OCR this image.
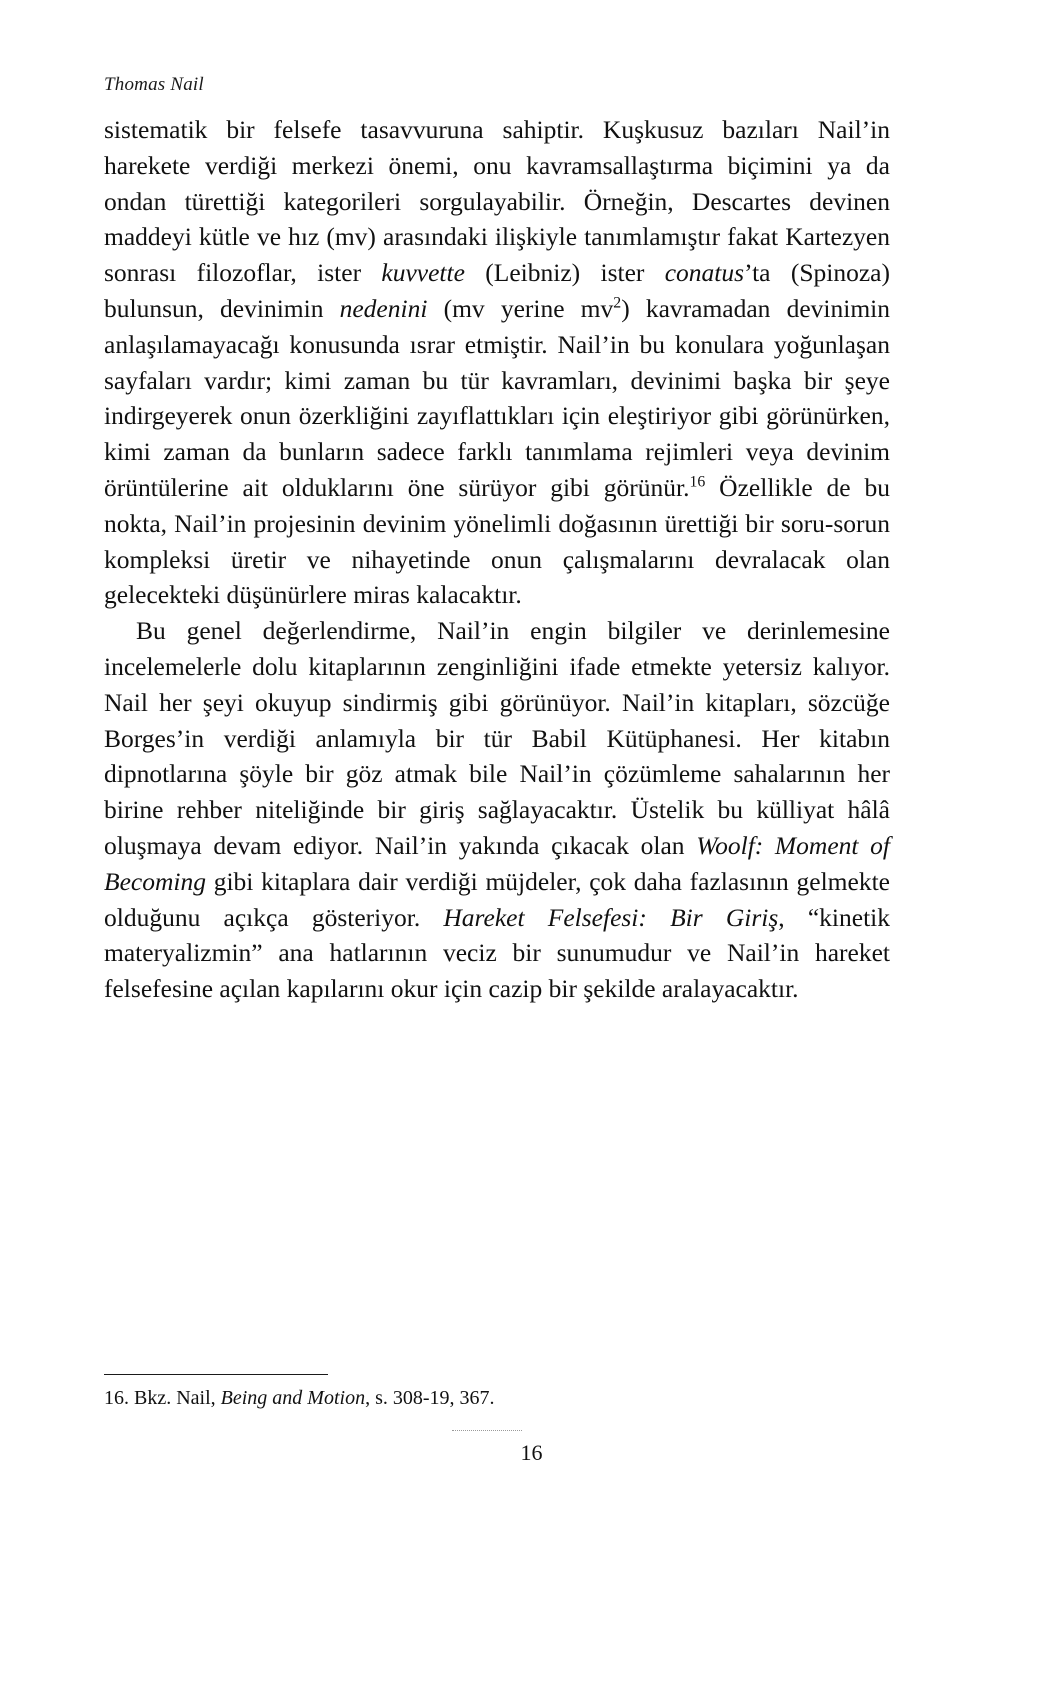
Thomas Nail

sistematik bir felsefe tasavvuruna sahiptir. Kuşkusuz bazıları Nail’in harekete verdiği merkezi önemi, onu kavramsallaştırma biçimini ya da ondan türettiği kategorileri sorgulayabilir. Örneğin, Descartes devinen maddeyi kütle ve hız (mv) arasındaki ilişkiyle tanımlamıştır fakat Kartezyen sonrası filozoflar, ister kuvvette (Leibniz) ister conatus’ta (Spinoza) bulunsun, devinimin nedenini (mv yerine $mv^2$) kavramadan devinimin anlaşılamayacağı konusunda ısrar etmiştir. Nail’in bu konulara yoğunlaşan sayfaları vardır; kimi zaman bu tür kavramları, devinimi başka bir şeye indirgeyerek onun özerkliğini zayıflattıkları için eleştiriyor gibi görünürken, kimi zaman da bunların sadece farklı tanımlama rejimleri veya devinim örüntülerine ait olduklarını öne sürüyor gibi görünür.$^{16}$ Özellikle de bu nokta, Nail’in projesinin devinim yönelimli doğasının ürettiği bir soru-sorun kompleksi üretir ve nihayetinde onun çalışmalarını devralacak olan gelecekteki düşünürlere miras kalacaktır.

Bu genel değerlendirme, Nail’in engin bilgiler ve derinlemesine incelemelerle dolu kitaplarının zenginliğini ifade etmekte yetersiz kalıyor. Nail her şeyi okuyup sindirmiş gibi görünüyor. Nail’in kitapları, sözcüğe Borges’in verdiği anlamıyla bir tür Babil Kütüphanesi. Her kitabın dipnotlarına şöyle bir göz atmak bile Nail’in çözümleme sahalarının her birine rehber niteliğinde bir giriş sağlayacaktır. Üstelik bu külliyat hâlâ oluşmaya devam ediyor. Nail’in yakında çıkacak olan Woolf: Moment of Becoming gibi kitaplara dair verdiği müjdeler, çok daha fazlasının gelmekte olduğunu açıkça gösteriyor. Hareket Felsefesi: Bir Giriş, “kinetik materyalizmin” ana hatlarının veciz bir sunumudur ve Nail’in hareket felsefesine açılan kapılarını okur için cazip bir şekilde aralayacaktır.

16. Bkz. Nail, Being and Motion, s. 308-19, 367.
16
